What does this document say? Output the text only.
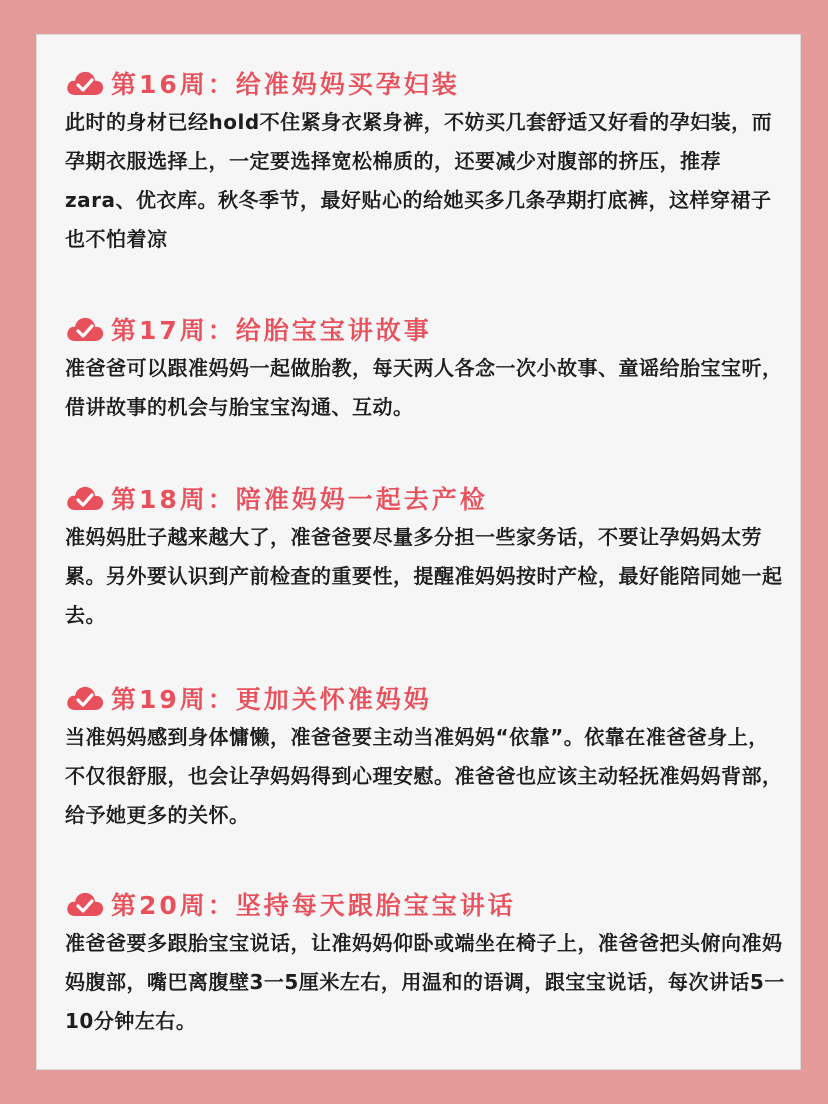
第16周：给准妈妈买孕妇装
此时的身材已经hold不住紧身衣紧身裤，不妨买几套舒适又好看的孕妇装，而孕期衣服选择上，一定要选择宽松棉质的，还要减少对腹部的挤压，推荐zara、优衣库。秋冬季节，最好贴心的给她买多几条孕期打底裤，这样穿裙子也不怕着凉
第17周：给胎宝宝讲故事
准爸爸可以跟准妈妈一起做胎教，每天两人各念一次小故事、童谣给胎宝宝听，借讲故事的机会与胎宝宝沟通、互动。
第18周：陪准妈妈一起去产检
准妈妈肚子越来越大了，准爸爸要尽量多分担一些家务话，不要让孕妈妈太劳累。另外要认识到产前检查的重要性，提醒准妈妈按时产检，最好能陪同她一起去。
第19周：更加关怀准妈妈
当准妈妈感到身体慵懒，准爸爸要主动当准妈妈“依靠”。依靠在准爸爸身上，不仅很舒服，也会让孕妈妈得到心理安慰。准爸爸也应该主动轻抚准妈妈背部，给予她更多的关怀。
第20周：坚持每天跟胎宝宝讲话
准爸爸要多跟胎宝宝说话，让准妈妈仰卧或端坐在椅子上，准爸爸把头俯向准妈妈腹部，嘴巴离腹壁3一5厘米左右，用温和的语调，跟宝宝说话，每次讲话5一10分钟左右。
